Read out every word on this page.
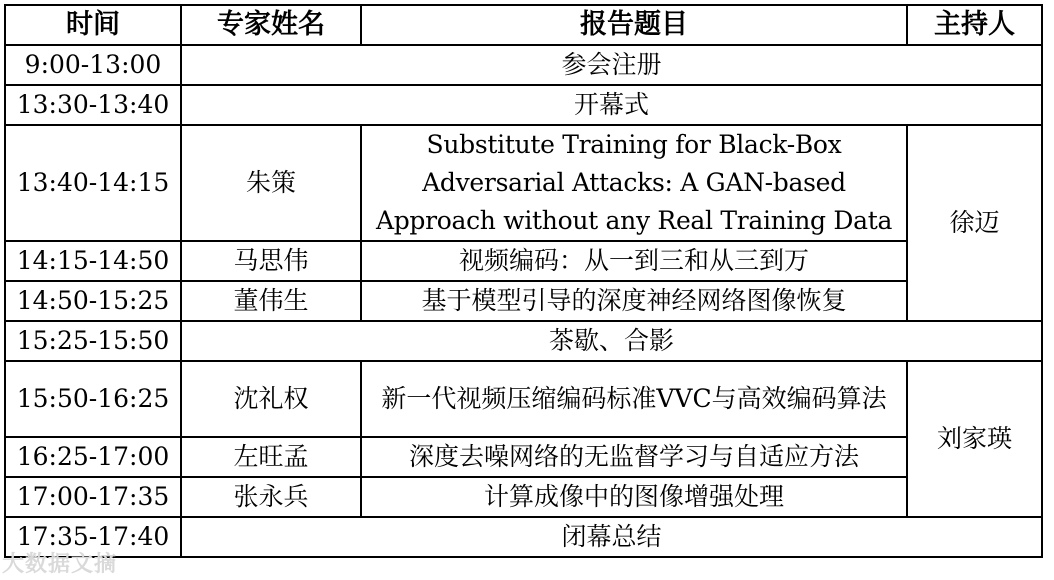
时间	专家姓名	报告题目	主持人
9:00-13:00	参会注册		
13:30-13:40	开幕式		
13:40-14:15	朱策	Substitute Training for Black-Box Adversarial Attacks: A GAN-based Approach without any Real Training Data	徐迈
14:15-14:50	马思伟	视频编码：从一到三和从三到万	
14:50-15:25	董伟生	基于模型引导的深度神经网络图像恢复	
15:25-15:50	茶歇、合影		
15:50-16:25	沈礼权	新一代视频压缩编码标准VVC与高效编码算法	刘家瑛
16:25-17:00	左旺孟	深度去噪网络的无监督学习与自适应方法	
17:00-17:35	张永兵	计算成像中的图像增强处理	
17:35-17:40	闭幕总结		
大数据文摘
